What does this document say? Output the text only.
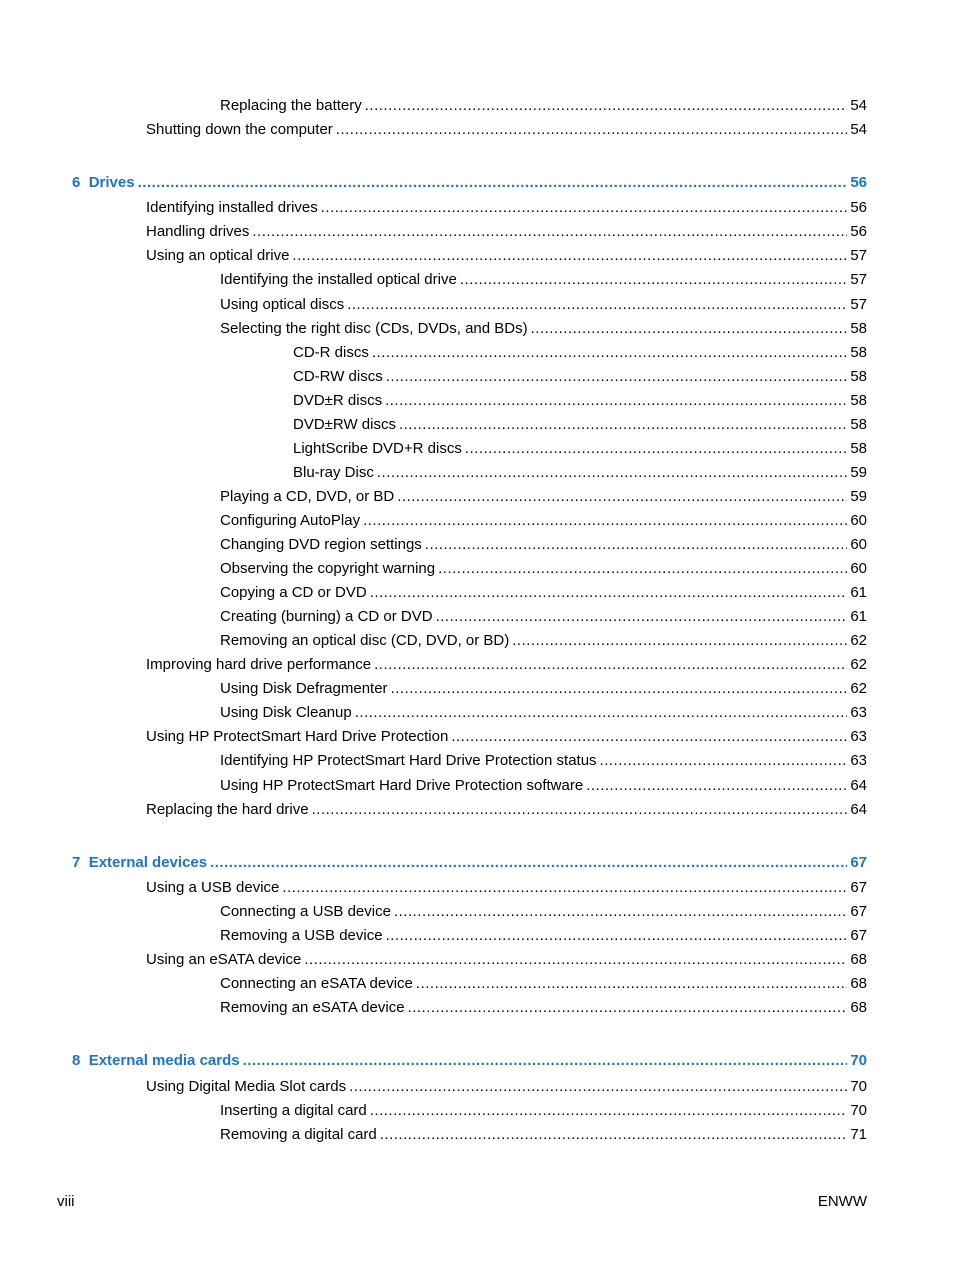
Replacing the battery .....	54
Shutting down the computer .....	54
6 Drives .....	56
Identifying installed drives .....	56
Handling drives .....	56
Using an optical drive .....	57
Identifying the installed optical drive .....	57
Using optical discs .....	57
Selecting the right disc (CDs, DVDs, and BDs) .....	58
CD-R discs .....	58
CD-RW discs .....	58
DVD±R discs .....	58
DVD±RW discs .....	58
LightScribe DVD+R discs .....	58
Blu-ray Disc .....	59
Playing a CD, DVD, or BD .....	59
Configuring AutoPlay .....	60
Changing DVD region settings .....	60
Observing the copyright warning .....	60
Copying a CD or DVD .....	61
Creating (burning) a CD or DVD .....	61
Removing an optical disc (CD, DVD, or BD) .....	62
Improving hard drive performance .....	62
Using Disk Defragmenter .....	62
Using Disk Cleanup .....	63
Using HP ProtectSmart Hard Drive Protection .....	63
Identifying HP ProtectSmart Hard Drive Protection status .....	63
Using HP ProtectSmart Hard Drive Protection software .....	64
Replacing the hard drive .....	64
7 External devices .....	67
Using a USB device .....	67
Connecting a USB device .....	67
Removing a USB device .....	67
Using an eSATA device .....	68
Connecting an eSATA device .....	68
Removing an eSATA device .....	68
8 External media cards .....	70
Using Digital Media Slot cards .....	70
Inserting a digital card .....	70
Removing a digital card .....	71
viii	ENWW
